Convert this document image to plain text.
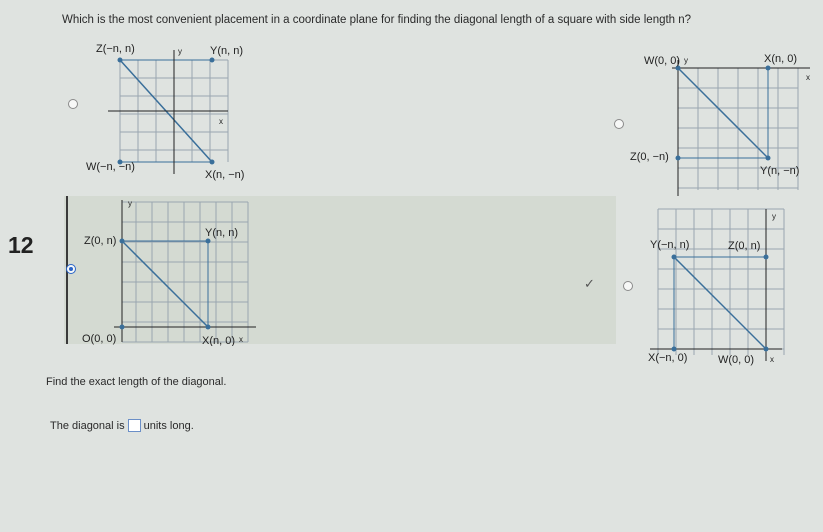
Which is the most convenient placement in a coordinate plane for finding the diagonal length of a square with side length n?
12
✓
Z(−n, n)	y	Y(n, n)
x
W(−n, −n)
X(n, −n)
W(0, 0) y	X(n, 0)
x
Z(0, −n)
Y(n, −n)
y
Z(0, n)
Y(n, n)
O(0, 0)	X(n, 0) x
y
Y(−n, n)	Z(0, n)
X(−n, 0)	W(0, 0) x
Find the exact length of the diagonal.
The diagonal is units long.
